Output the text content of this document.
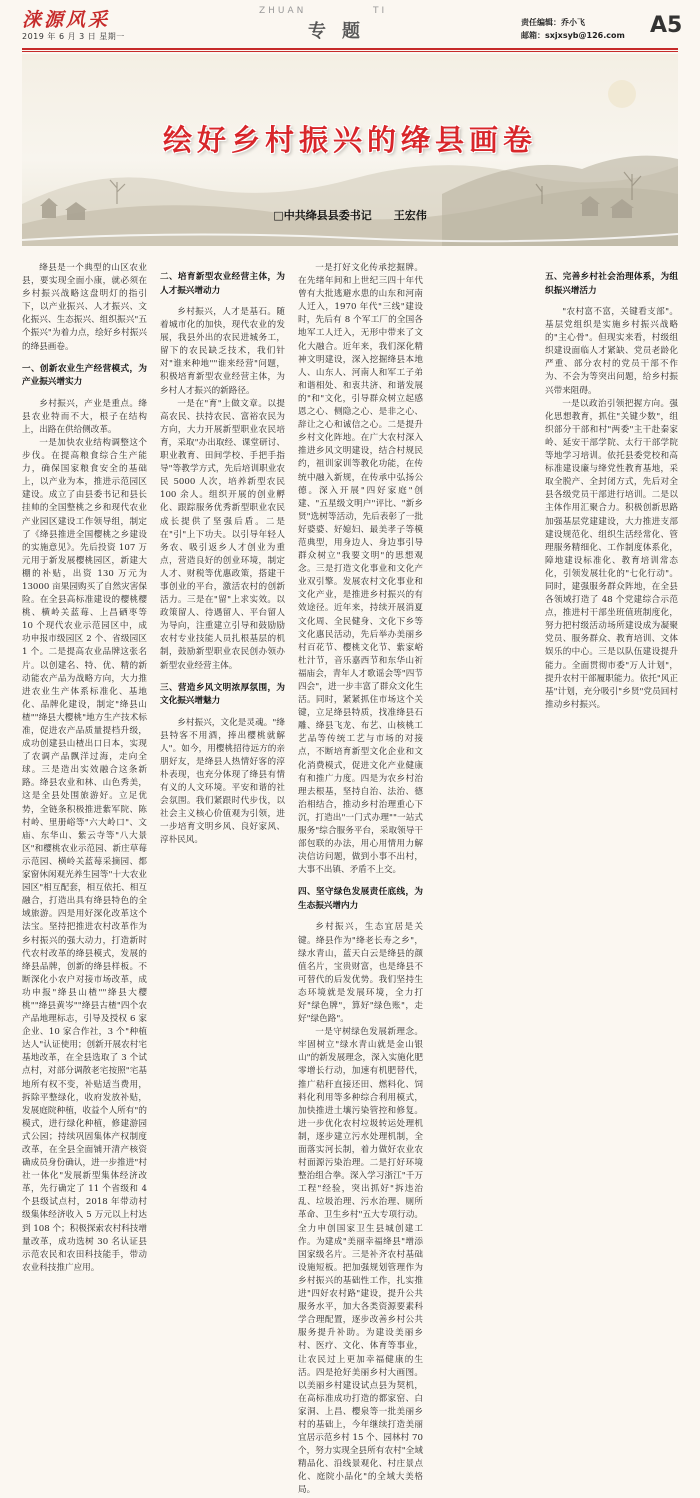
涞源风采
2019 年 6 月 3 日 星期一
ZHUAN	TI
专题	责任编辑：乔小飞
邮箱：sxjxsyb@126.com A5
绘好乡村振兴的绛县画卷
□中共绛县县委书记 王宏伟

绛县是一个典型的山区农业县，要实现全面小康，就必须在乡村振兴战略这盘明灯的指引下，以产业振兴、人才振兴、文化振兴、生态振兴、组织振兴"五个振兴"为着力点，绘好乡村振兴的绛县画卷。

一、创新农业生产经营模式，为产业振兴增实力

乡村振兴，产业是重点。绛县农业特而不大，根子在结构上，出路在供给侧改革。

一是加快农业结构调整这个步伐。在提高粮食综合生产能力，确保国家粮食安全的基础上，以产业为本，推进示范园区建设。成立了由县委书记和县长挂帅的全国整桃之乡和现代农业产业园区建设工作领导组，制定了《绛县推进全国樱桃之乡建设的实施意见》。先后投资 107 万元用于新发展樱桃园区，新建大棚的补贴，出资 130 万元为 13000 亩果园购买了自然灾害保险。在全县高标准建设的樱桃樱桃、横岭关蓝莓、上昌硒枣等 10 个现代农业示范园区中，成功申报市级园区 2 个、省级园区 1 个。二是提高农业品牌这张名片。以创建名、特、优、精的新动能农产品为战略方向，大力推进农业生产体系标准化、基地化、品牌化建设，制定"绛县山楂""绛县大樱桃"地方生产技术标准，促进农产品质量提档升级，成功创建县山楂出口日本，实现了农调产品飘洋过海，走向全球。三是造出实效融合这条新路。绛县农业和林、山色秀美，这是全县处围旅游好。立足优势，全链条积极推进紫军院、陈村岭、里册峪等"六大岭口"、文庙、东华山、紫云寺等"八大景区"和樱桃农业示范园、新庄草莓示范园、横岭关蓝莓采摘园、都家窗休闲观光养生园等"十大农业园区"相互配套，相互依托、相互融合，打造出具有绛县特色的全域旅游。四是用好深化改革这个法宝。坚持把推进农村改革作为乡村振兴的强大动力，打造新时代农村改革的绛县模式，发展的绛县品牌，创新的绛县样板。不断深化小农户对接市场改革，成功申报"绛县山楂""绛县大樱桃""绛县黄岑""绛县古楂"四个农产品地理标志，引导及授权 6 家企业、10 家合作社，3 个"种植达人"认证使用；创新开展农村宅基地改革，在全县选取了 3 个试点村，对部分调散老宅按照"宅基地所有权不变，补贴适当费用，拆除平整绿化，收府发放补贴，发展庭院种植，收益个人所有"的模式，进行绿化种植，修建游园式公园；持续巩固集体产权制度改革，在全县全面铺开清产核资确成员身份确认，进一步推进"村社一体化"发展新型集体经济改革，先行确定了 11 个省级和 4 个县级试点村，2018 年带动村级集体经济收入 5 万元以上村达到 108 个；积极探索农村科技增量改革，成功选树 30 名认证县示范农民和农田科技能手，带动农业科技推广应用。

二、培育新型农业经营主体，为人才振兴增动力

乡村振兴，人才是基石。随着城市化的加快，现代农业的发展，我县外出的农民进城务工，留下的农民缺乏技术，我们针对"谁来种地""谁来经营"问题，积极培育新型农业经营主体，为乡村人才振兴的新路径。

一是在"育"上做文章。以提高农民、扶持农民、富裕农民为方向，大力开展新型职业农民培育，采取"办出取经、课堂研讨、职业教育、田间学校、手把手指导"等教学方式，先后培训职业农民 5000 人次，培养新型农民 100 余人。组织开展的创业孵化、跟踪服务优秀新型职业农民成长提供了坚强后盾。二是在"引"上下功夫。以引导年轻人务农、吸引返乡人才创业为重点，营造良好的创业环境，制定人才、财税等优惠政策，搭建干事创业的平台，激活农村的创新活力。三是在"留"上求实效。以政策留人、待遇留人、平台留人为导向，注重建立引导和鼓励励农村专业技能人员扎根基层的机制，鼓励新型职业农民创办领办新型农业经营主体。

三、营造乡风文明浓厚氛围，为文化振兴增魅力

乡村振兴，文化是灵魂。"绛县特客不用酒，捧出樱桃就解人"。如今，用樱桃招待远方的亲朋好友，是绛县人热情好客的淳朴表现，也充分体现了绛县有情有义的人文环境。平安和谐的社会氛围。我们紧跟时代步伐，以社会主义核心价值观为引领，进一步培育文明乡风、良好家风、淳朴民风。

一是打好文化传承挖掘牌。在先绪年间和上世纪三四十年代曾有大批逃避水患的山东和河南人迁入，1970 年代"三线"建设时，先后有 8 个军工厂的全国各地军工人迁入，无形中带来了文化大融合。近年来，我们深化精神文明建设，深入挖掘绛县本地人、山东人、河南人和军工子弟和谐相处、和衷共济、和谐发展的"和"文化，引导群众树立起感恩之心、侧隐之心、是非之心、辞让之心和诚信之心。二是提升乡村文化阵地。在广大农村深入推进乡风文明建设，结合村规民约，祖训家训等教化功能，在传统中融入新规，在传承中弘扬公德。深入开展"四好家庭"创建、"五星级文明户"评比、"新乡贤"选树等活动，先后表彰了一批好婆婆、好媳妇、最美孝子等模范典型，用身边人、身边事引导群众树立"我要文明"的思想观念。三是打造文化事业和文化产业双引擎。发展农村文化事业和文化产业，是推进乡村振兴的有效途径。近年来，持续开展消夏文化周、全民健身、文化下乡等文化惠民活动，先后举办美丽乡村百花节、樱桃文化节、紫家峪杜汁节，音乐嘉西节和东华山祈福庙会，青年人才歌谣会等"四节四会"，进一步丰富了群众文化生活。同时，紧紧抓住市场这个关键，立足绛县特质，找准绛县石雕、绛县飞龙、布艺、山核桃工艺品等传统工艺与市场的对接点，不断培育新型文化企业和文化消费模式，促进文化产业健康有和推广力度。四是为农乡村治理去根基，坚持自治、法治、德治相结合，推动乡村治理重心下沉，打造出"一门式办理""一站式服务"综合服务平台，采取领导干部包联的办法，用心用情用力解决信访问题，做到小事不出村，大事不出镇、矛盾不上交。

四、坚守绿色发展责任底线，为生态振兴增内力

乡村振兴，生态宜居是关键。绛县作为"绛老长寿之乡"，绿水青山，蓝天白云是绛县的颜值名片，宝贵财富，也是绛县不可替代的后发优势。我们坚持生态环境就是发展环境，全力打好"绿色牌"，算好"绿色账"，走好"绿色路"。

一是守树绿色发展新理念。牢固树立"绿水青山就是金山银山"的新发展理念，深入实施化肥零增长行动，加速有机肥替代，推广秸秆直接还田、燃料化、饲料化利用等多种综合利用模式，加快推进土壤污染管控和修复。进一步优化农村垃圾转运处理机制，逐步建立污水处理机制，全面落实河长制，着力做好农业农村面源污染治理。二是打好环境整治组合拳。深入学习浙江"千万工程"经验，突出抓好"拆违治乱、垃圾治理、污水治理、厕所革命、卫生乡村"五大专项行动。全力申创国家卫生县城创建工作。为建成"美丽幸福绛县"增添国家级名片。三是补齐农村基础设施短板。把加强规划管理作为乡村振兴的基础性工作，扎实推进"四好农村路"建设，提升公共服务水平，加大各类资源要素科学合理配置，逐步改善乡村公共服务提升补助。为建设美丽乡村、医疗、文化、体育等事业，让农民过上更加幸福健康的生活。四是抢好美丽乡村大画图。以美丽乡村建设试点县为契机，在高标准成功打造的都家窑、白家洞、上昌、樱泉等一批美丽乡村的基础上，今年继续打造美丽宜居示范乡村 15 个、园林村 70 个，努力实现全县所有农村"全域精品化、沿线景观化、村庄景点化、庭院小品化"的全域大美格局。

五、完善乡村社会治理体系，为组织振兴增活力

"农村富不富，关键看支部"。基层党组织是实施乡村振兴战略的"主心骨"。但现实来看，村级组织建设面临人才紧缺、党员老龄化严重、部分农村的党员干部不作为、不会为等突出问题，给乡村振兴带来阻碍。

一是以政治引领把握方向。强化思想教育，抓住"关键少数"，组织部分干部和村"两委"主干赴秦家岭、延安干部学院、太行干部学院等地学习培训。依托县委党校和高标准建设廉与绛党性教育基地，采取全脱产、全封闭方式，先后对全县各级党员干部进行培训。二是以主体作用汇聚合力。积极创新思路加强基层党建建设，大力推进支部建设规范化、组织生活经常化、管理服务精细化、工作制度体系化，障地建设标准化、教育培训常态化，引领发展壮化的"七化行动"。同时，建强服务群众阵地，在全县各领域打造了 48 个党建综合示范点，推进村干部坐班值班制度化，努力把村级活动场所建设成为凝聚党员、服务群众、教育培训、文体娱乐的中心。三是以队伍建设提升能力。全面贯彻市委"万人计划"，提升农村干部履职能力。依托"风正基"计划，充分吸引"乡贤"党员回村推动乡村振兴。
